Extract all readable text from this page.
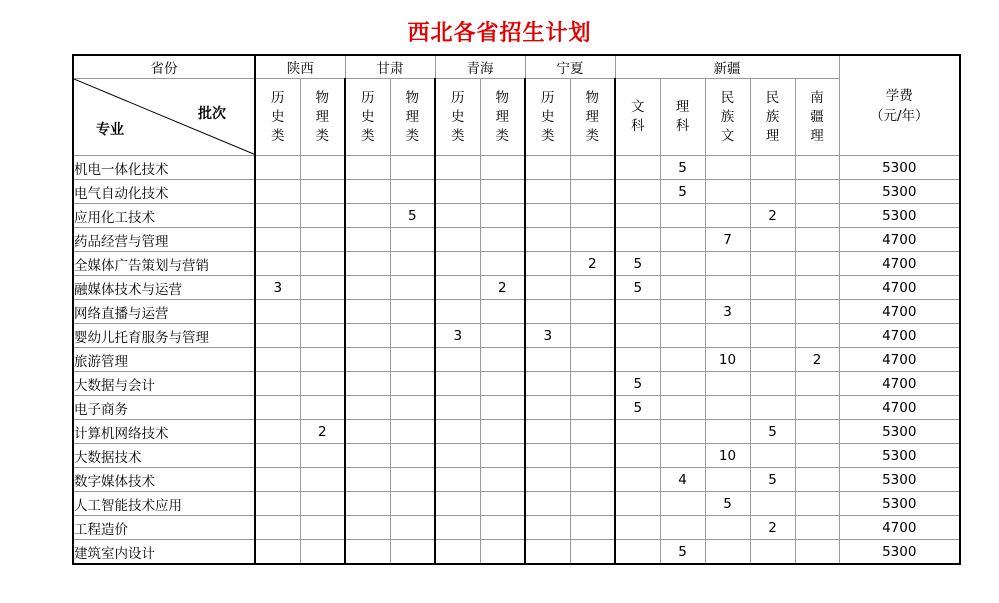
西北各省招生计划
省份	陕西		甘肃		青海		宁夏		新疆					学费
（元/年）

批次
专业	历史类	物理类	历史类	物理类	历史类	物理类	历史类	物理类	文科	理科	民族文	民族理	南疆理	
机电一体化技术										5				5300
电气自动化技术										5				5300
应用化工技术				5								2		5300
药品经营与管理											7			4700
全媒体广告策划与营销								2	5					4700
融媒体技术与运营	3					2			5					4700
网络直播与运营											3			4700
婴幼儿托育服务与管理					3		3							4700
旅游管理											10		2	4700
大数据与会计									5					4700
电子商务									5					4700
计算机网络技术		2										5		5300
大数据技术											10			5300
数字媒体技术										4		5		5300
人工智能技术应用											5			5300
工程造价												2		4700
建筑室内设计										5				5300
